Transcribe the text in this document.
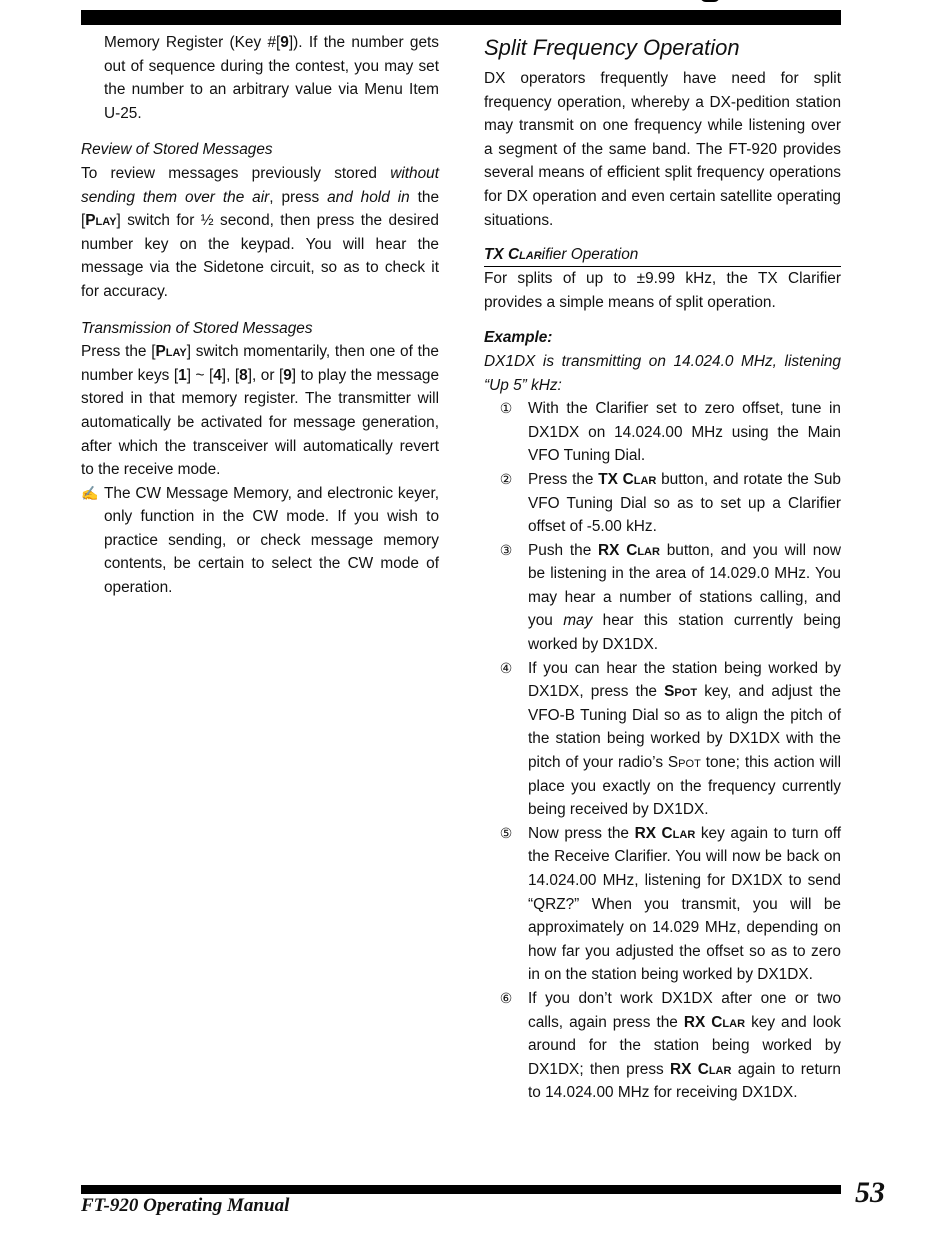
Memory Register (Key #[9]). If the number gets out of sequence during the contest, you may set the number to an arbitrary value via Menu Item U-25.

Review of Stored Messages

To review messages previously stored without sending them over the air, press and hold in the [Play] switch for ½ second, then press the desired number key on the keypad. You will hear the message via the Sidetone circuit, so as to check it for accuracy.

Transmission of Stored Messages

Press the [Play] switch momentarily, then one of the number keys [1] ~ [4], [8], or [9] to play the message stored in that memory register. The transmitter will automatically be activated for message generation, after which the transceiver will automatically revert to the receive mode.

✍ The CW Message Memory, and electronic keyer, only function in the CW mode. If you wish to practice sending, or check message memory contents, be certain to select the CW mode of operation.
Split Frequency Operation

DX operators frequently have need for split frequency operation, whereby a DX-pedition station may transmit on one frequency while listening over a segment of the same band. The FT-920 provides several means of efficient split frequency operations for DX operation and even certain satellite operating situations.

TX Clarifier Operation

For splits of up to ±9.99 kHz, the TX Clarifier provides a simple means of split operation.

Example:

DX1DX is transmitting on 14.024.0 MHz, listening “Up 5” kHz:

①	With the Clarifier set to zero offset, tune in DX1DX on 14.024.00 MHz using the Main VFO Tuning Dial.
②	Press the TX Clar button, and rotate the Sub VFO Tuning Dial so as to set up a Clarifier offset of -5.00 kHz.
③	Push the RX Clar button, and you will now be listening in the area of 14.029.0 MHz. You may hear a number of stations calling, and you may hear this station currently being worked by DX1DX.
④	If you can hear the station being worked by DX1DX, press the Spot key, and adjust the VFO-B Tuning Dial so as to align the pitch of the station being worked by DX1DX with the pitch of your radio’s Spot tone; this action will place you exactly on the frequency currently being received by DX1DX.
⑤	Now press the RX Clar key again to turn off the Receive Clarifier. You will now be back on 14.024.00 MHz, listening for DX1DX to send “QRZ?” When you transmit, you will be approximately on 14.029 MHz, depending on how far you adjusted the offset so as to zero in on the station being worked by DX1DX.
⑥	If you don’t work DX1DX after one or two calls, again press the RX Clar key and look around for the station being worked by DX1DX; then press RX Clar again to return to 14.024.00 MHz for receiving DX1DX.
FT-920 Operating Manual	53
